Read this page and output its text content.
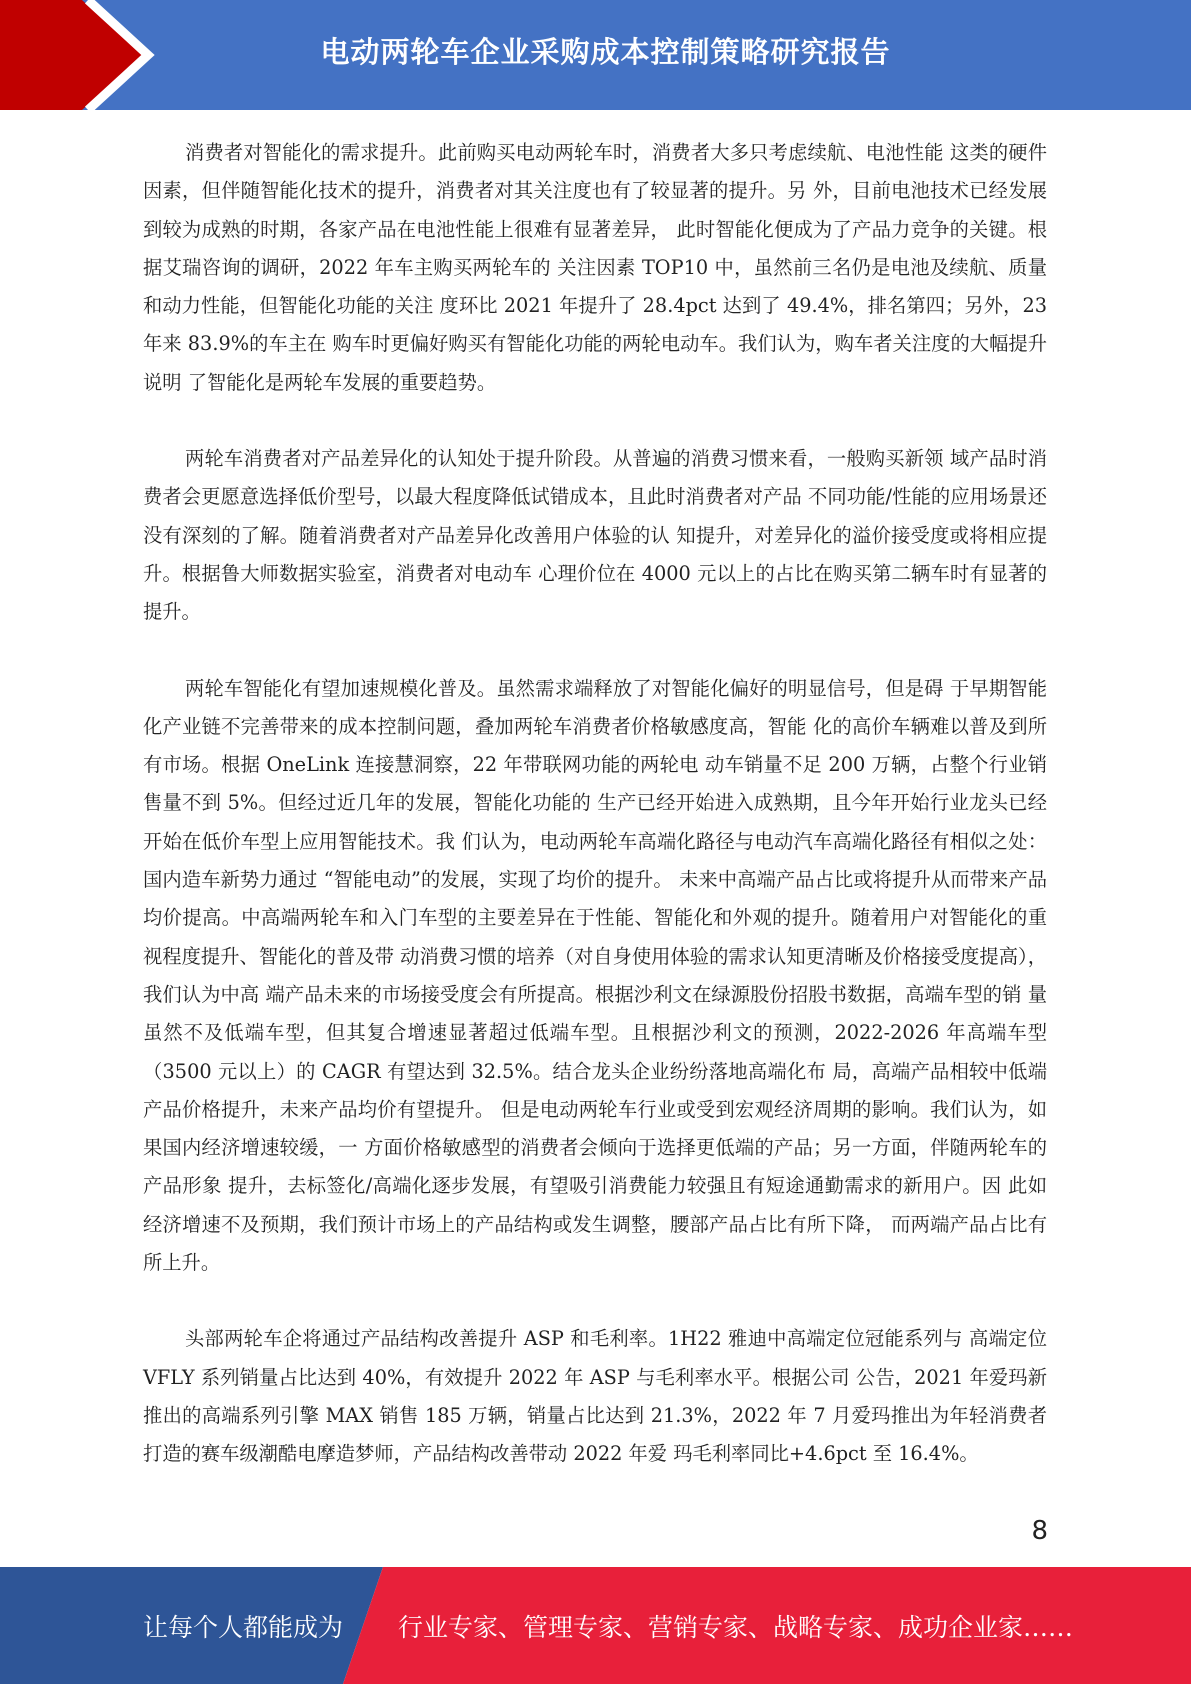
电动两轮车企业采购成本控制策略研究报告

消费者对智能化的需求提升。此前购买电动两轮车时，消费者大多只考虑续航、电池性能 这类的硬件因素，但伴随智能化技术的提升，消费者对其关注度也有了较显著的提升。另 外，目前电池技术已经发展到较为成熟的时期，各家产品在电池性能上很难有显著差异， 此时智能化便成为了产品力竞争的关键。根据艾瑞咨询的调研，2022 年车主购买两轮车的 关注因素 TOP10 中，虽然前三名仍是电池及续航、质量和动力性能，但智能化功能的关注 度环比 2021 年提升了 28.4pct 达到了 49.4%，排名第四；另外，23 年来 83.9%的车主在 购车时更偏好购买有智能化功能的两轮电动车。我们认为，购车者关注度的大幅提升说明 了智能化是两轮车发展的重要趋势。

两轮车消费者对产品差异化的认知处于提升阶段。从普遍的消费习惯来看，一般购买新领 域产品时消费者会更愿意选择低价型号，以最大程度降低试错成本，且此时消费者对产品 不同功能/性能的应用场景还没有深刻的了解。随着消费者对产品差异化改善用户体验的认 知提升，对差异化的溢价接受度或将相应提升。根据鲁大师数据实验室，消费者对电动车 心理价位在 4000 元以上的占比在购买第二辆车时有显著的提升。

两轮车智能化有望加速规模化普及。虽然需求端释放了对智能化偏好的明显信号，但是碍 于早期智能化产业链不完善带来的成本控制问题，叠加两轮车消费者价格敏感度高，智能 化的高价车辆难以普及到所有市场。根据 OneLink 连接慧洞察，22 年带联网功能的两轮电 动车销量不足 200 万辆，占整个行业销售量不到 5%。但经过近几年的发展，智能化功能的 生产已经开始进入成熟期，且今年开始行业龙头已经开始在低价车型上应用智能技术。我 们认为，电动两轮车高端化路径与电动汽车高端化路径有相似之处：国内造车新势力通过 “智能电动”的发展，实现了均价的提升。 未来中高端产品占比或将提升从而带来产品均价提高。中高端两轮车和入门车型的主要差异在于性能、智能化和外观的提升。随着用户对智能化的重视程度提升、智能化的普及带 动消费习惯的培养（对自身使用体验的需求认知更清晰及价格接受度提高），我们认为中高 端产品未来的市场接受度会有所提高。根据沙利文在绿源股份招股书数据，高端车型的销 量虽然不及低端车型，但其复合增速显著超过低端车型。且根据沙利文的预测，2022-2026 年高端车型（3500 元以上）的 CAGR 有望达到 32.5%。结合龙头企业纷纷落地高端化布 局，高端产品相较中低端产品价格提升，未来产品均价有望提升。 但是电动两轮车行业或受到宏观经济周期的影响。我们认为，如果国内经济增速较缓，一 方面价格敏感型的消费者会倾向于选择更低端的产品；另一方面，伴随两轮车的产品形象 提升，去标签化/高端化逐步发展，有望吸引消费能力较强且有短途通勤需求的新用户。因 此如经济增速不及预期，我们预计市场上的产品结构或发生调整，腰部产品占比有所下降， 而两端产品占比有所上升。

头部两轮车企将通过产品结构改善提升 ASP 和毛利率。1H22 雅迪中高端定位冠能系列与 高端定位 VFLY 系列销量占比达到 40%，有效提升 2022 年 ASP 与毛利率水平。根据公司 公告，2021 年爱玛新推出的高端系列引擎 MAX 销售 185 万辆，销量占比达到 21.3%，2022 年 7 月爱玛推出为年轻消费者打造的赛车级潮酷电摩造梦师，产品结构改善带动 2022 年爱 玛毛利率同比+4.6pct 至 16.4%。

8
让每个人都能成为 行业专家、管理专家、营销专家、战略专家、成功企业家……
